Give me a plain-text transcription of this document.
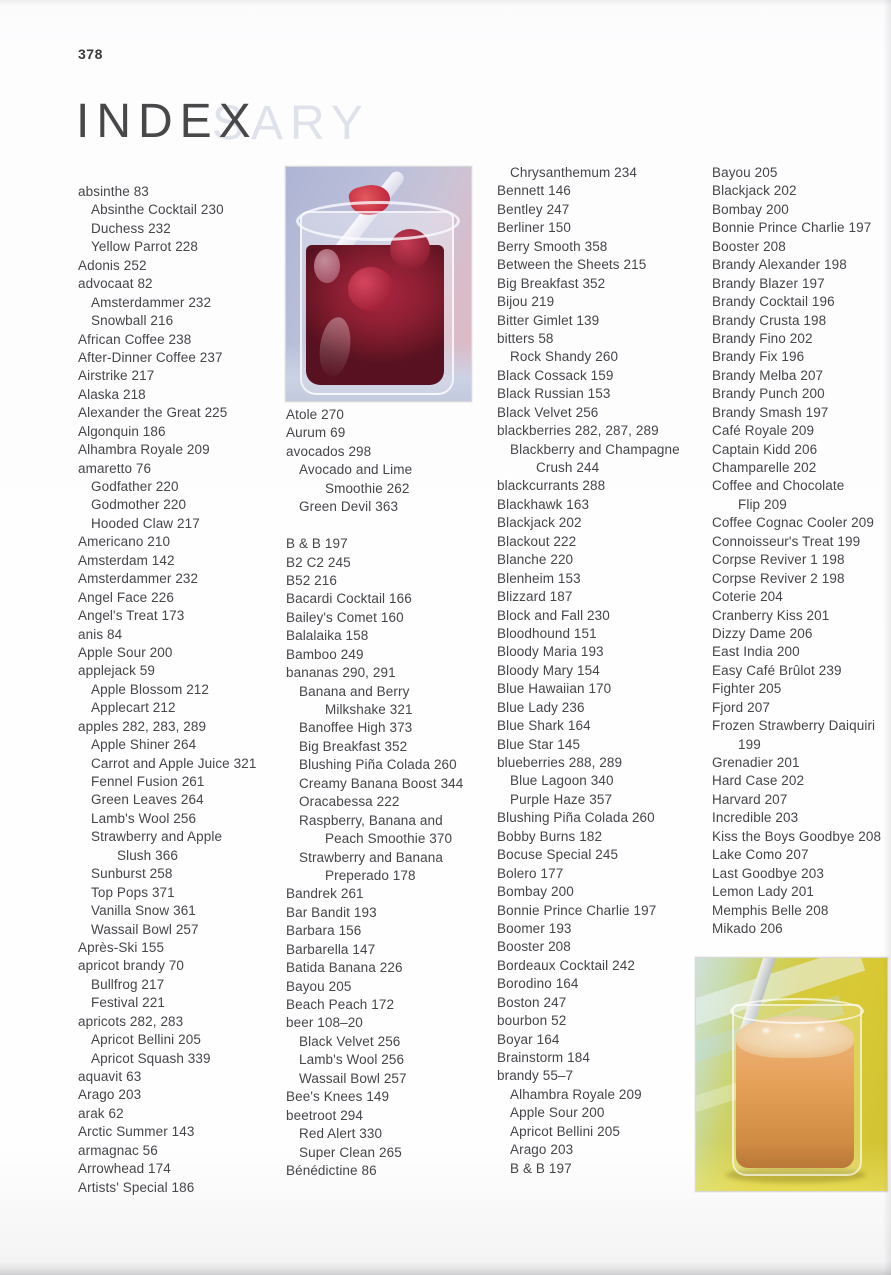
378
SARY
INDEX
absinthe 83
Absinthe Cocktail 230
Duchess 232
Yellow Parrot 228
Adonis 252
advocaat 82
Amsterdammer 232
Snowball 216
African Coffee 238
After-Dinner Coffee 237
Airstrike 217
Alaska 218
Alexander the Great 225
Algonquin 186
Alhambra Royale 209
amaretto 76
Godfather 220
Godmother 220
Hooded Claw 217
Americano 210
Amsterdam 142
Amsterdammer 232
Angel Face 226
Angel's Treat 173
anis 84
Apple Sour 200
applejack 59
Apple Blossom 212
Applecart 212
apples 282, 283, 289
Apple Shiner 264
Carrot and Apple Juice 321
Fennel Fusion 261
Green Leaves 264
Lamb's Wool 256
Strawberry and Apple
Slush 366
Sunburst 258
Top Pops 371
Vanilla Snow 361
Wassail Bowl 257
Après-Ski 155
apricot brandy 70
Bullfrog 217
Festival 221
apricots 282, 283
Apricot Bellini 205
Apricot Squash 339
aquavit 63
Arago 203
arak 62
Arctic Summer 143
armagnac 56
Arrowhead 174
Artists' Special 186
Atole 270
Aurum 69
avocados 298
Avocado and Lime
Smoothie 262
Green Devil 363
B & B 197
B2 C2 245
B52 216
Bacardi Cocktail 166
Bailey's Comet 160
Balalaika 158
Bamboo 249
bananas 290, 291
Banana and Berry
Milkshake 321
Banoffee High 373
Big Breakfast 352
Blushing Piña Colada 260
Creamy Banana Boost 344
Oracabessa 222
Raspberry, Banana and
Peach Smoothie 370
Strawberry and Banana
Preperado 178
Bandrek 261
Bar Bandit 193
Barbara 156
Barbarella 147
Batida Banana 226
Bayou 205
Beach Peach 172
beer 108–20
Black Velvet 256
Lamb's Wool 256
Wassail Bowl 257
Bee's Knees 149
beetroot 294
Red Alert 330
Super Clean 265
Bénédictine 86
Chrysanthemum 234
Bennett 146
Bentley 247
Berliner 150
Berry Smooth 358
Between the Sheets 215
Big Breakfast 352
Bijou 219
Bitter Gimlet 139
bitters 58
Rock Shandy 260
Black Cossack 159
Black Russian 153
Black Velvet 256
blackberries 282, 287, 289
Blackberry and Champagne
Crush 244
blackcurrants 288
Blackhawk 163
Blackjack 202
Blackout 222
Blanche 220
Blenheim 153
Blizzard 187
Block and Fall 230
Bloodhound 151
Bloody Maria 193
Bloody Mary 154
Blue Hawaiian 170
Blue Lady 236
Blue Shark 164
Blue Star 145
blueberries 288, 289
Blue Lagoon 340
Purple Haze 357
Blushing Piña Colada 260
Bobby Burns 182
Bocuse Special 245
Bolero 177
Bombay 200
Bonnie Prince Charlie 197
Boomer 193
Booster 208
Bordeaux Cocktail 242
Borodino 164
Boston 247
bourbon 52
Boyar 164
Brainstorm 184
brandy 55–7
Alhambra Royale 209
Apple Sour 200
Apricot Bellini 205
Arago 203
B & B 197
Bayou 205
Blackjack 202
Bombay 200
Bonnie Prince Charlie 197
Booster 208
Brandy Alexander 198
Brandy Blazer 197
Brandy Cocktail 196
Brandy Crusta 198
Brandy Fino 202
Brandy Fix 196
Brandy Melba 207
Brandy Punch 200
Brandy Smash 197
Café Royale 209
Captain Kidd 206
Champarelle 202
Coffee and Chocolate
Flip 209
Coffee Cognac Cooler 209
Connoisseur's Treat 199
Corpse Reviver 1 198
Corpse Reviver 2 198
Coterie 204
Cranberry Kiss 201
Dizzy Dame 206
East India 200
Easy Café Brûlot 239
Fighter 205
Fjord 207
Frozen Strawberry Daiquiri
199
Grenadier 201
Hard Case 202
Harvard 207
Incredible 203
Kiss the Boys Goodbye 208
Lake Como 207
Last Goodbye 203
Lemon Lady 201
Memphis Belle 208
Mikado 206
